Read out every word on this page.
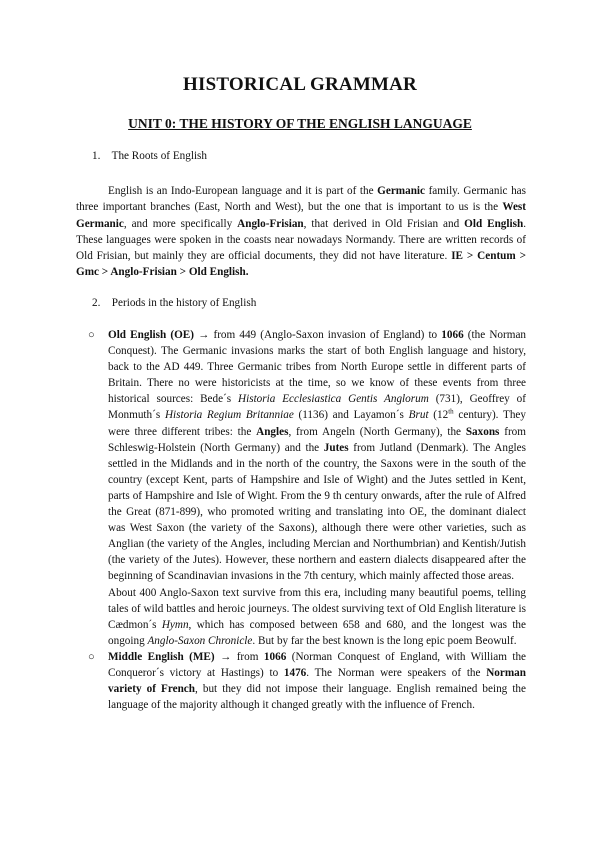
HISTORICAL GRAMMAR
UNIT 0: THE HISTORY OF THE ENGLISH LANGUAGE
1. The Roots of English

English is an Indo-European language and it is part of the Germanic family. Germanic has three important branches (East, North and West), but the one that is important to us is the West Germanic, and more specifically Anglo-Frisian, that derived in Old Frisian and Old English. These languages were spoken in the coasts near nowadays Normandy. There are written records of Old Frisian, but mainly they are official documents, they did not have literature. IE > Centum > Gmc > Anglo-Frisian > Old English.

2. Periods in the history of English
○ Old English (OE) → from 449 (Anglo-Saxon invasion of England) to 1066 (the Norman Conquest). The Germanic invasions marks the start of both English language and history, back to the AD 449. Three Germanic tribes from North Europe settle in different parts of Britain. There no were historicists at the time, so we know of these events from three historical sources: Bede´s Historia Ecclesiastica Gentis Anglorum (731), Geoffrey of Monmuth´s Historia Regium Britanniae (1136) and Layamon´s Brut (12th century). They were three different tribes: the Angles, from Angeln (North Germany), the Saxons from Schleswig-Holstein (North Germany) and the Jutes from Jutland (Denmark). The Angles settled in the Midlands and in the north of the country, the Saxons were in the south of the country (except Kent, parts of Hampshire and Isle of Wight) and the Jutes settled in Kent, parts of Hampshire and Isle of Wight. From the 9 th century onwards, after the rule of Alfred the Great (871-899), who promoted writing and translating into OE, the dominant dialect was West Saxon (the variety of the Saxons), although there were other varieties, such as Anglian (the variety of the Angles, including Mercian and Northumbrian) and Kentish/Jutish (the variety of the Jutes). However, these northern and eastern dialects disappeared after the beginning of Scandinavian invasions in the 7th century, which mainly affected those areas.

About 400 Anglo-Saxon text survive from this era, including many beautiful poems, telling tales of wild battles and heroic journeys. The oldest surviving text of Old English literature is Cædmon´s Hymn, which has composed between 658 and 680, and the longest was the ongoing Anglo-Saxon Chronicle. But by far the best known is the long epic poem Beowulf.

○ Middle English (ME) → from 1066 (Norman Conquest of England, with William the Conqueror´s victory at Hastings) to 1476. The Norman were speakers of the Norman variety of French, but they did not impose their language. English remained being the language of the majority although it changed greatly with the influence of French.
